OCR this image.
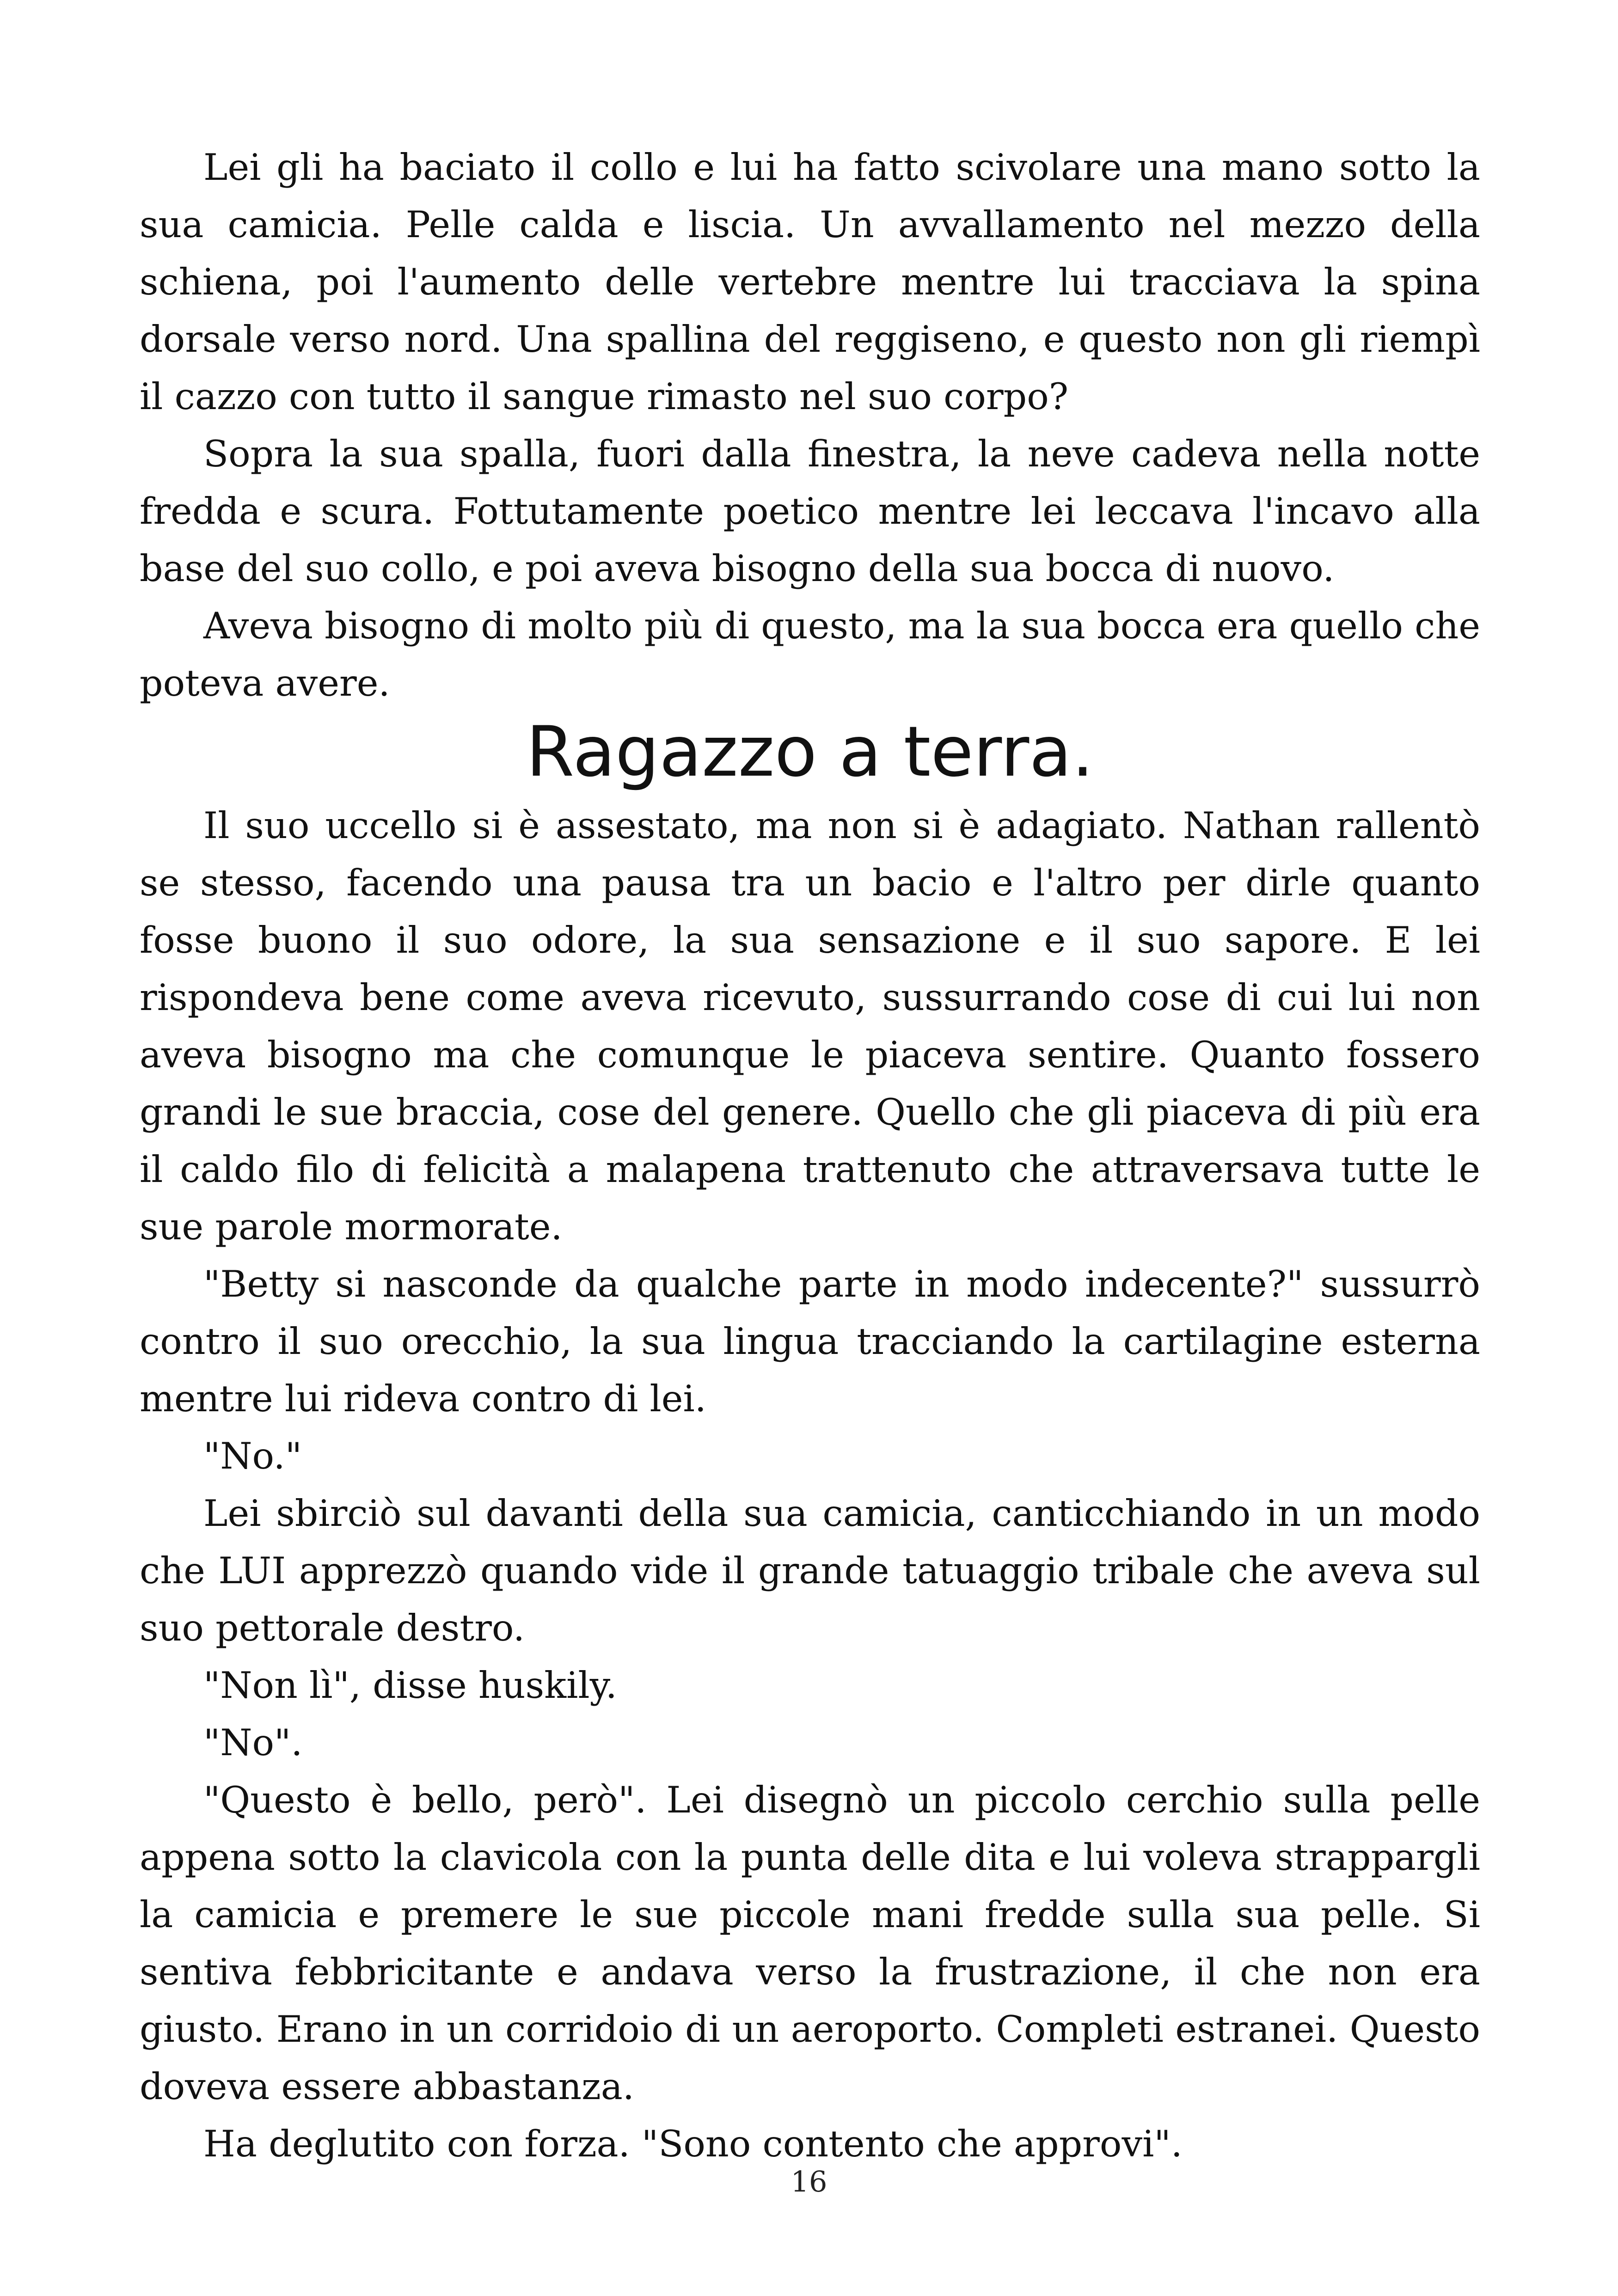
Lei gli ha baciato il collo e lui ha fatto scivolare una mano sotto la sua camicia. Pelle calda e liscia. Un avvallamento nel mezzo della schiena, poi l'aumento delle vertebre mentre lui tracciava la spina dorsale verso nord. Una spallina del reggiseno, e questo non gli riempì il cazzo con tutto il sangue rimasto nel suo corpo?

Sopra la sua spalla, fuori dalla finestra, la neve cadeva nella notte fredda e scura. Fottutamente poetico mentre lei leccava l'incavo alla base del suo collo, e poi aveva bisogno della sua bocca di nuovo.

Aveva bisogno di molto più di questo, ma la sua bocca era quello che poteva avere.

Ragazzo a terra.

Il suo uccello si è assestato, ma non si è adagiato. Nathan rallentò se stesso, facendo una pausa tra un bacio e l'altro per dirle quanto fosse buono il suo odore, la sua sensazione e il suo sapore. E lei rispondeva bene come aveva ricevuto, sussurrando cose di cui lui non aveva bisogno ma che comunque le piaceva sentire. Quanto fossero grandi le sue braccia, cose del genere. Quello che gli piaceva di più era il caldo filo di felicità a malapena trattenuto che attraversava tutte le sue parole mormorate.

"Betty si nasconde da qualche parte in modo indecente?" sussurrò contro il suo orecchio, la sua lingua tracciando la cartilagine esterna mentre lui rideva contro di lei.

"No."

Lei sbirciò sul davanti della sua camicia, canticchiando in un modo che LUI apprezzò quando vide il grande tatuaggio tribale che aveva sul suo pettorale destro.

"Non lì", disse huskily.

"No".

"Questo è bello, però". Lei disegnò un piccolo cerchio sulla pelle appena sotto la clavicola con la punta delle dita e lui voleva strappargli la camicia e premere le sue piccole mani fredde sulla sua pelle. Si sentiva febbricitante e andava verso la frustrazione, il che non era giusto. Erano in un corridoio di un aeroporto. Completi estranei. Questo doveva essere abbastanza.

Ha deglutito con forza. "Sono contento che approvi".

16
